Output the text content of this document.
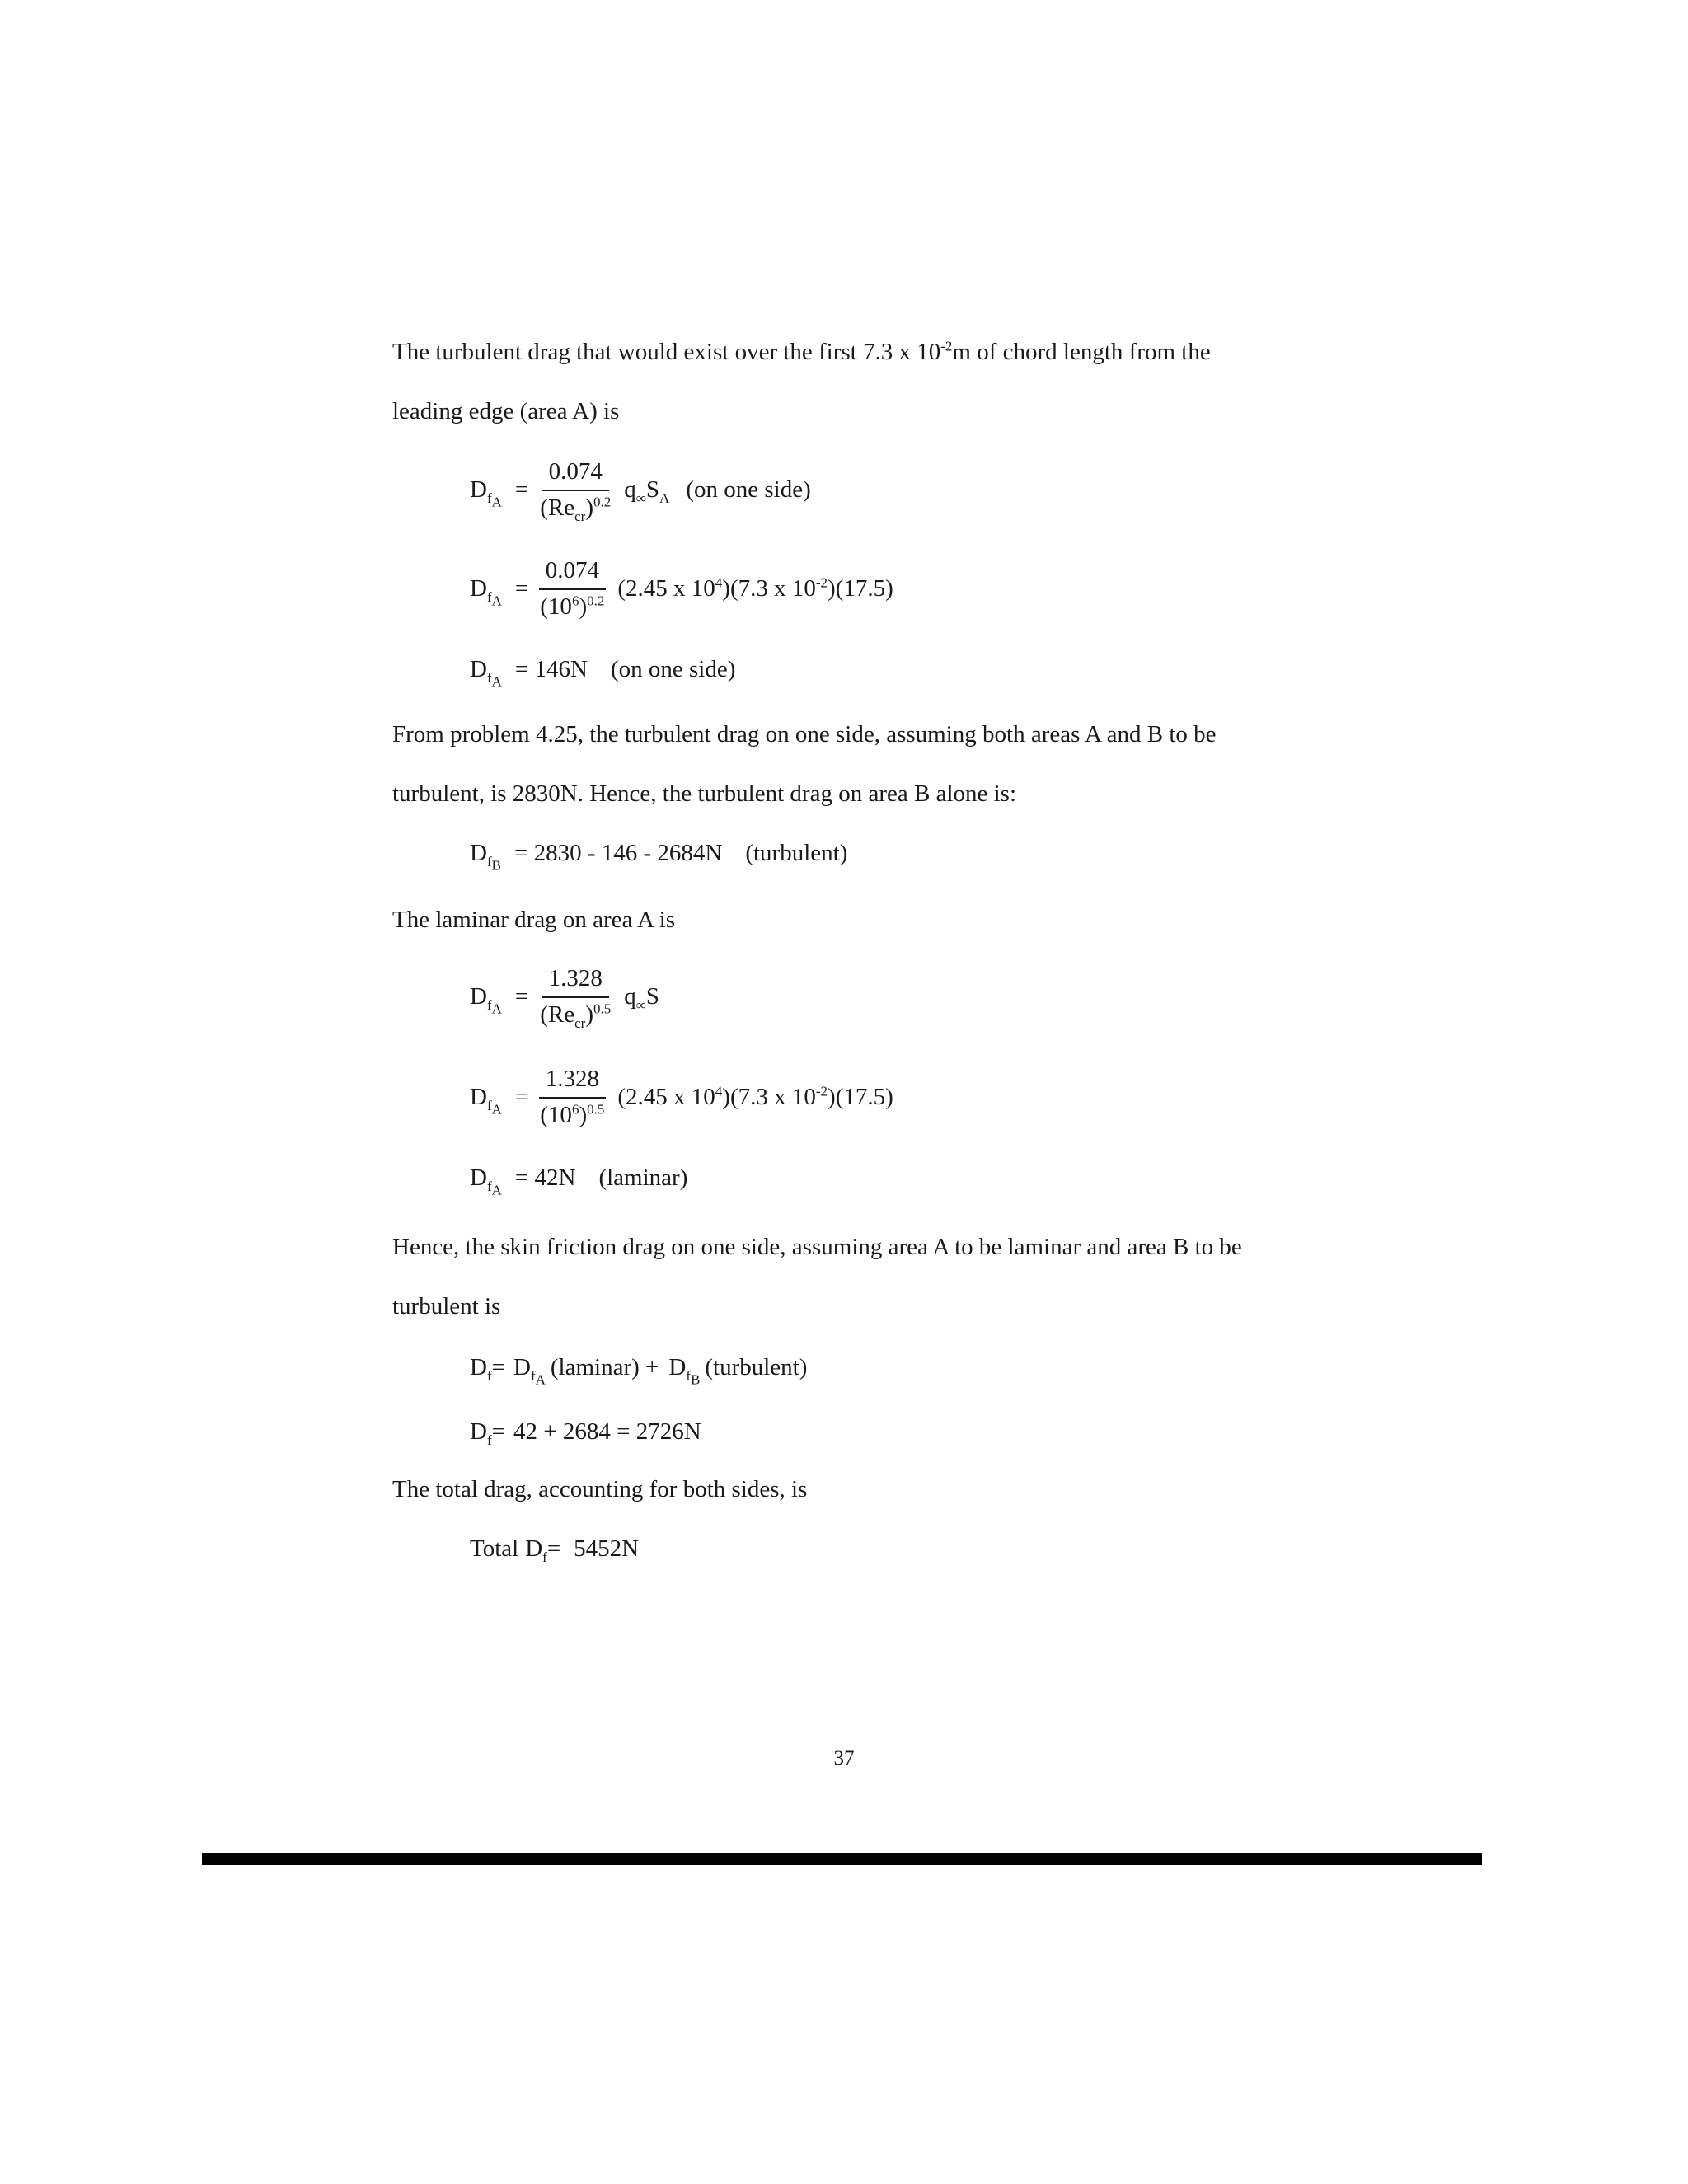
The turbulent drag that would exist over the first 7.3 x $10^{-2}m$ of chord length from the

leading edge (area A) is

$D_{f_A} = \frac{0.074}{(Re_{cr})^{0.2}} q_\infty S_A$ (on one side)
$D_{f_A} = \frac{0.074}{(10^6)^{0.2}} (2.45$ x $10^4)(7.3$ x $10^{-2})(17.5)$
$D_{f_A} = 146N$ (on one side)

From problem 4.25, the turbulent drag on one side, assuming both areas A and B to be

turbulent, is 2830N. Hence, the turbulent drag on area B alone is:

$D_{f_B} = 2830 - 146 - 2684N$ (turbulent)

The laminar drag on area A is

$D_{f_A} = \frac{1.328}{(Re_{cr})^{0.5}} q_\infty S$
$D_{f_A} = \frac{1.328}{(10^6)^{0.5}} (2.45$ x $10^4)(7.3$ x $10^{-2})(17.5)$
$D_{f_A} = 42N$ (laminar)

Hence, the skin friction drag on one side, assuming area A to be laminar and area B to be

turbulent is

$D_f= D_{f_A}$ (laminar) + $D_{f_B}$ (turbulent)
$D_f= 42 + 2684 = 2726N$

The total drag, accounting for both sides, is

Total $D_f= 5452N$
37
